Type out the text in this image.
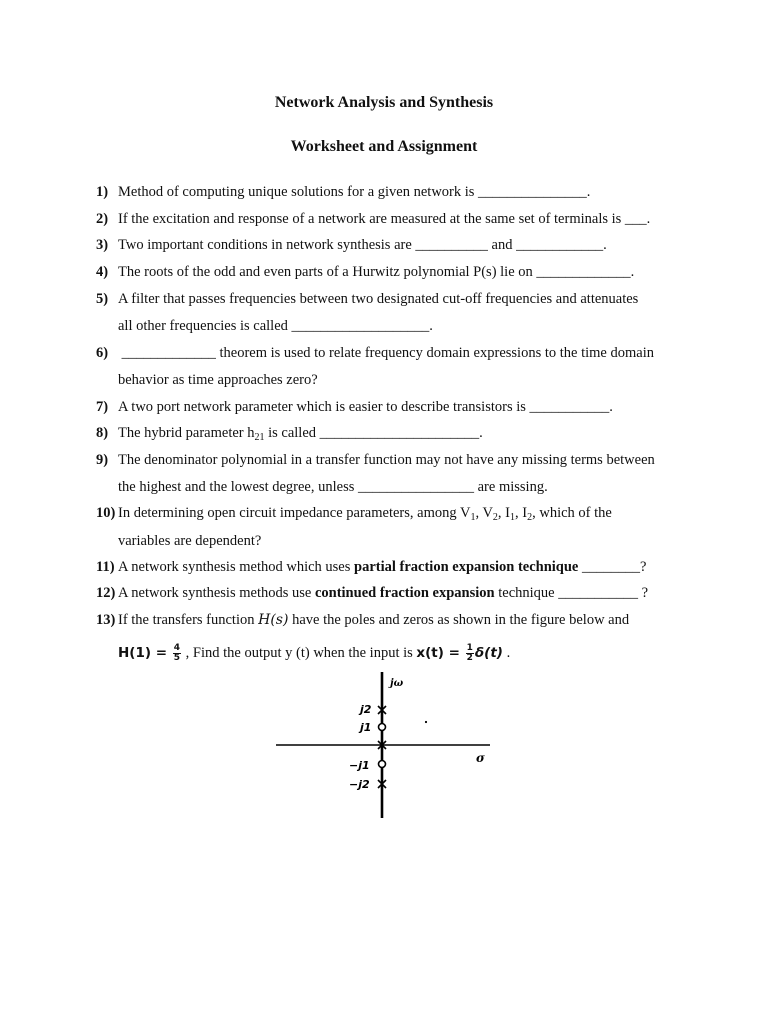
Network Analysis and Synthesis
Worksheet and Assignment
1) Method of computing unique solutions for a given network is _______________.
2) If the excitation and response of a network are measured at the same set of terminals is ___.
3) Two important conditions in network synthesis are __________ and ____________.
4) The roots of the odd and even parts of a Hurwitz polynomial P(s) lie on _____________.
5) A filter that passes frequencies between two designated cut-off frequencies and attenuates
all other frequencies is called ___________________.
6) _____________ theorem is used to relate frequency domain expressions to the time domain
behavior as time approaches zero?
7) A two port network parameter which is easier to describe transistors is ___________.
8) The hybrid parameter $h_{21}$ is called ______________________.
9) The denominator polynomial in a transfer function may not have any missing terms between
the highest and the lowest degree, unless ________________ are missing.
10) In determining open circuit impedance parameters, among $V_1$, $V_2$, $I_1$, $I_2$, which of the
variables are dependent?
11) A network synthesis method which uses partial fraction expansion technique ________?
12) A network synthesis methods use continued fraction expansion technique ___________ ?
13) If the transfers function H(s) have the poles and zeros as shown in the figure below and
$H(1) = \frac{4}{5}$ , Find the output y (t) when the input is $x(t) = \frac{1}{2} \delta(t)$ .
jω
σ
j2
j1
−j1
−j2
